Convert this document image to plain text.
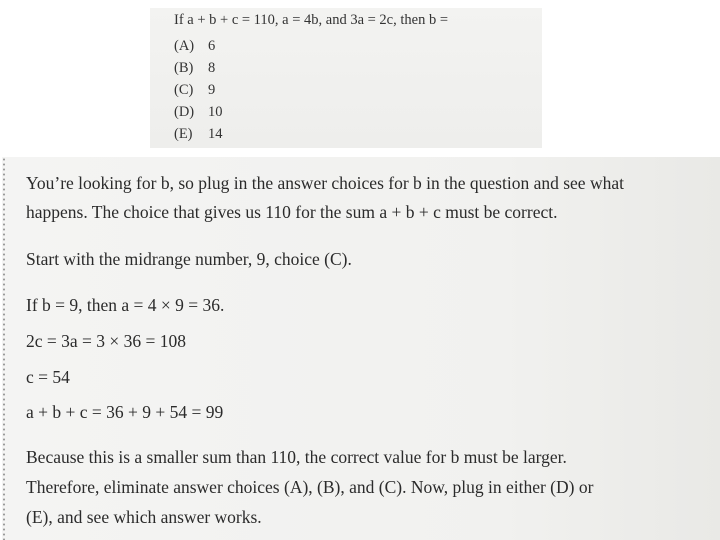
If a + b + c = 110, a = 4b, and 3a = 2c, then b =
(A) 6
(B) 8
(C) 9
(D) 10
(E) 14
You’re looking for b, so plug in the answer choices for b in the question and see what
happens. The choice that gives us 110 for the sum a + b + c must be correct.
Start with the midrange number, 9, choice (C).
If b = 9, then a = 4 × 9 = 36.
2c = 3a = 3 × 36 = 108
c = 54
a + b + c = 36 + 9 + 54 = 99
Because this is a smaller sum than 110, the correct value for b must be larger.
Therefore, eliminate answer choices (A), (B), and (C). Now, plug in either (D) or
(E), and see which answer works.
